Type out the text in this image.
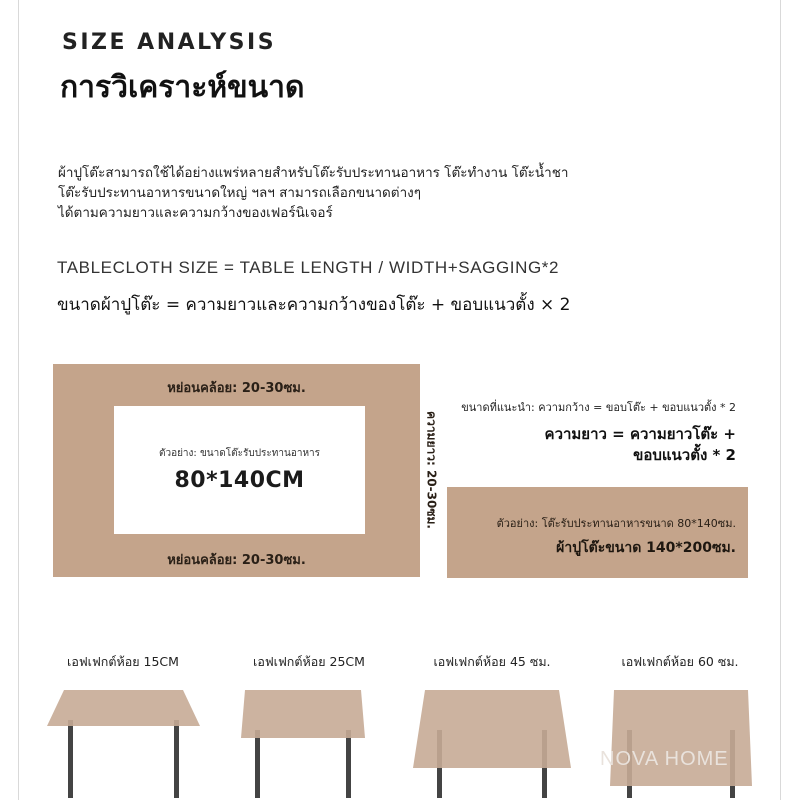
SIZE ANALYSIS
การวิเคราะห์ขนาด
ผ้าปูโต๊ะสามารถใช้ได้อย่างแพร่หลายสำหรับโต๊ะรับประทานอาหาร โต๊ะทำงาน โต๊ะน้ำชา
โต๊ะรับประทานอาหารขนาดใหญ่ ฯลฯ สามารถเลือกขนาดต่างๆ
ได้ตามความยาวและความกว้างของเฟอร์นิเจอร์
TABLECLOTH SIZE = TABLE LENGTH / WIDTH+SAGGING*2
ขนาดผ้าปูโต๊ะ = ความยาวและความกว้างของโต๊ะ + ขอบแนวตั้ง × 2
หย่อนคล้อย: 20-30ซม.
ตัวอย่าง: ขนาดโต๊ะรับประทานอาหาร
80*140CM	ความยาว: 20-30ซม.
หย่อนคล้อย: 20-30ซม.
ขนาดที่แนะนำ: ความกว้าง = ขอบโต๊ะ + ขอบแนวตั้ง * 2
ความยาว = ความยาวโต๊ะ +
ขอบแนวตั้ง * 2
ตัวอย่าง: โต๊ะรับประทานอาหารขนาด 80*140ซม.
ผ้าปูโต๊ะขนาด 140*200ซม.
เอฟเฟกต์ห้อย 15CM	เอฟเฟกต์ห้อย 25CM	เอฟเฟกต์ห้อย 45 ซม.	เอฟเฟกต์ห้อย 60 ซม.
NOVA HOME
